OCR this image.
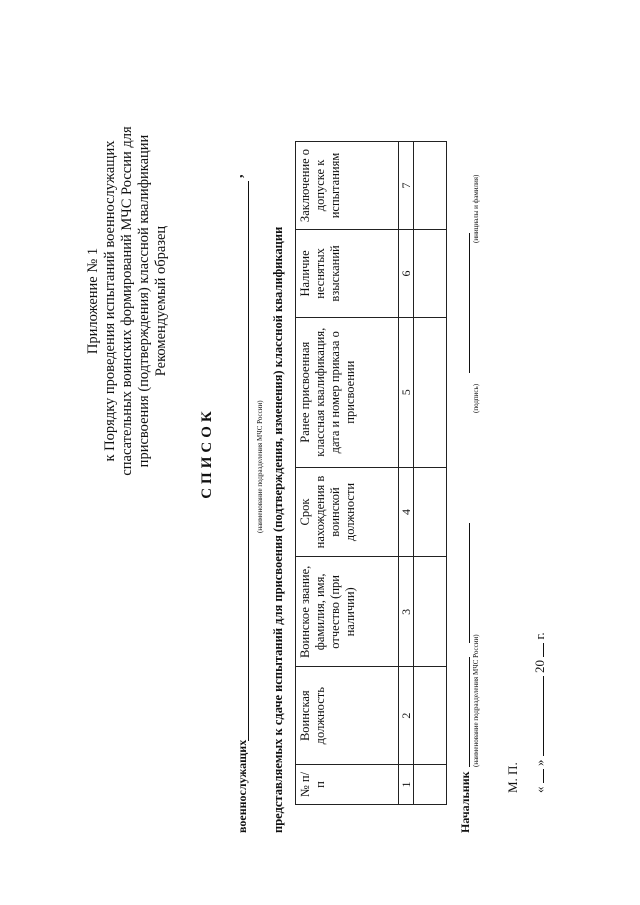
Приложение № 1 к Порядку проведения испытаний военнослужащих спасательных воинских формирований МЧС России для присвоения (подтверждения) классной квалификации Рекомендуемый образец
СПИСОК
военнослужащих
,
(наименование подразделения МЧС России) представляемых к сдаче испытаний для присвоения (подтверждения, изменения) классной квалификации № п/п	Воинская должность	Воинское звание, фамилия, имя, отчество (при наличии)	Срок нахождения в воинской должности	Ранее присвоенная классная квалификация, дата и номер приказа о присвоении	Наличие неснятых взысканий	Заключение о допуске к испытаниям
1	2	3	4	5	6	7

Начальник
(наименование подразделения МЧС России)
(подпись)
(инициалы и фамилия)
М. П. «  »  20  г.
